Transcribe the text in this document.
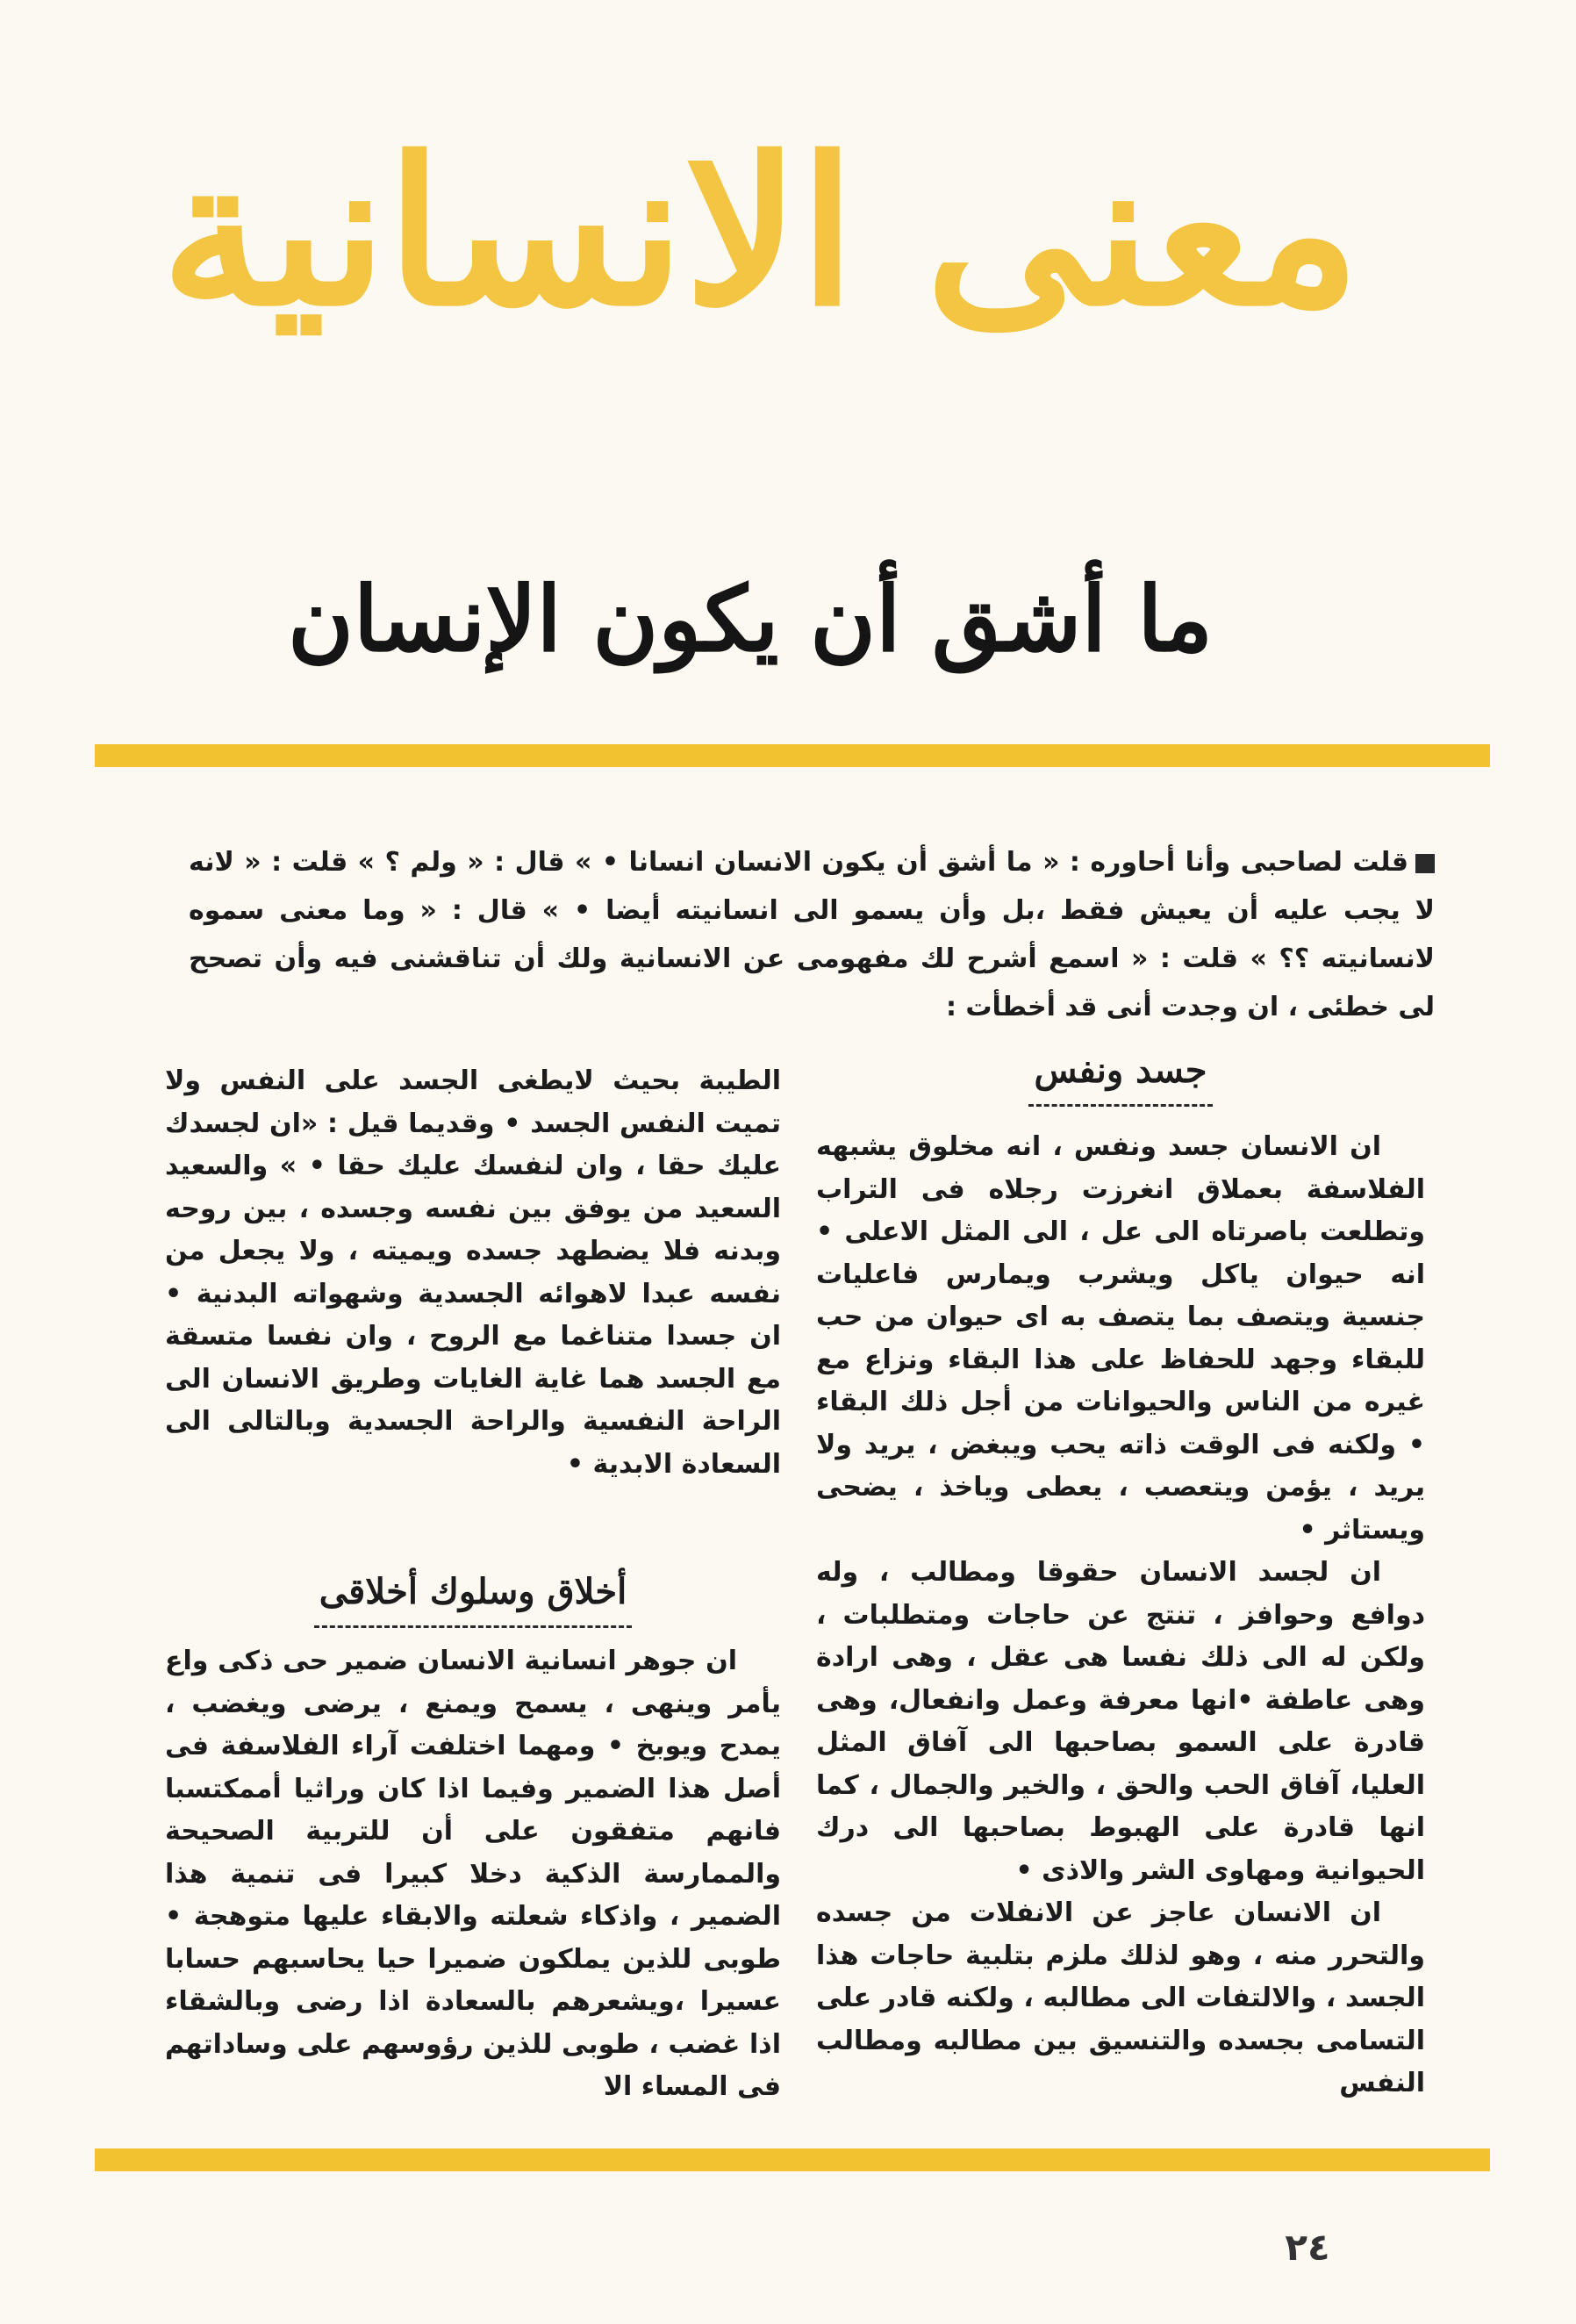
معنى الانسانية
ما أشق أن يكون الإنسان
قلت لصاحبى وأنا أحاوره : « ما أشق أن يكون الانسان انسانا • » قال : « ولم ؟ » قلت : « لانه لا يجب عليه أن يعيش فقط ،بل وأن يسمو الى انسانيته أيضا • » قال : « وما معنى سموه لانسانيته ؟؟ » قلت : « اسمع أشرح لك مفهومى عن الانسانية ولك أن تناقشنى فيه وأن تصحح لى خطئى ، ان وجدت أنى قد أخطأت :
جسد ونفس

ان الانسان جسد ونفس ، انه مخلوق يشبهه الفلاسفة بعملاق انغرزت رجلاه فى التراب وتطلعت باصرتاه الى عل ، الى المثل الاعلى • انه حيوان ياكل ويشرب ويمارس فاعليات جنسية ويتصف بما يتصف به اى حيوان من حب للبقاء وجهد للحفاظ على هذا البقاء ونزاع مع غيره من الناس والحيوانات من أجل ذلك البقاء • ولكنه فى الوقت ذاته يحب ويبغض ، يريد ولا يريد ، يؤمن ويتعصب ، يعطى وياخذ ، يضحى ويستاثر •

ان لجسد الانسان حقوقا ومطالب ، وله دوافع وحوافز ، تنتج عن حاجات ومتطلبات ، ولكن له الى ذلك نفسا هى عقل ، وهى ارادة وهى عاطفة •انها معرفة وعمل وانفعال، وهى قادرة على السمو بصاحبها الى آفاق المثل العليا، آفاق الحب والحق ، والخير والجمال ، كما انها قادرة على الهبوط بصاحبها الى درك الحيوانية ومهاوى الشر والاذى •

ان الانسان عاجز عن الانفلات من جسده والتحرر منه ، وهو لذلك ملزم بتلبية حاجات هذا الجسد ، والالتفات الى مطالبه ، ولكنه قادر على التسامى بجسده والتنسيق بين مطالبه ومطالب النفس

الطيبة بحيث لايطغى الجسد على النفس ولا تميت النفس الجسد • وقديما قيل : «ان لجسدك عليك حقا ، وان لنفسك عليك حقا • » والسعيد السعيد من يوفق بين نفسه وجسده ، بين روحه وبدنه فلا يضطهد جسده ويميته ، ولا يجعل من نفسه عبدا لاهوائه الجسدية وشهواته البدنية • ان جسدا متناغما مع الروح ، وان نفسا متسقة مع الجسد هما غاية الغايات وطريق الانسان الى الراحة النفسية والراحة الجسدية وبالتالى الى السعادة الابدية •

أخلاق وسلوك أخلاقى

ان جوهر انسانية الانسان ضمير حى ذكى واع يأمر وينهى ، يسمح ويمنع ، يرضى ويغضب ، يمدح ويوبخ • ومهما اختلفت آراء الفلاسفة فى أصل هذا الضمير وفيما اذا كان وراثيا أممكتسبا فانهم متفقون على أن للتربية الصحيحة والممارسة الذكية دخلا كبيرا فى تنمية هذا الضمير ، واذكاء شعلته والابقاء عليها متوهجة • طوبى للذين يملكون ضميرا حيا يحاسبهم حسابا عسيرا ،ويشعرهم بالسعادة اذا رضى وبالشقاء اذا غضب ، طوبى للذين رؤوسهم على وساداتهم فى المساء الا

٢٤
